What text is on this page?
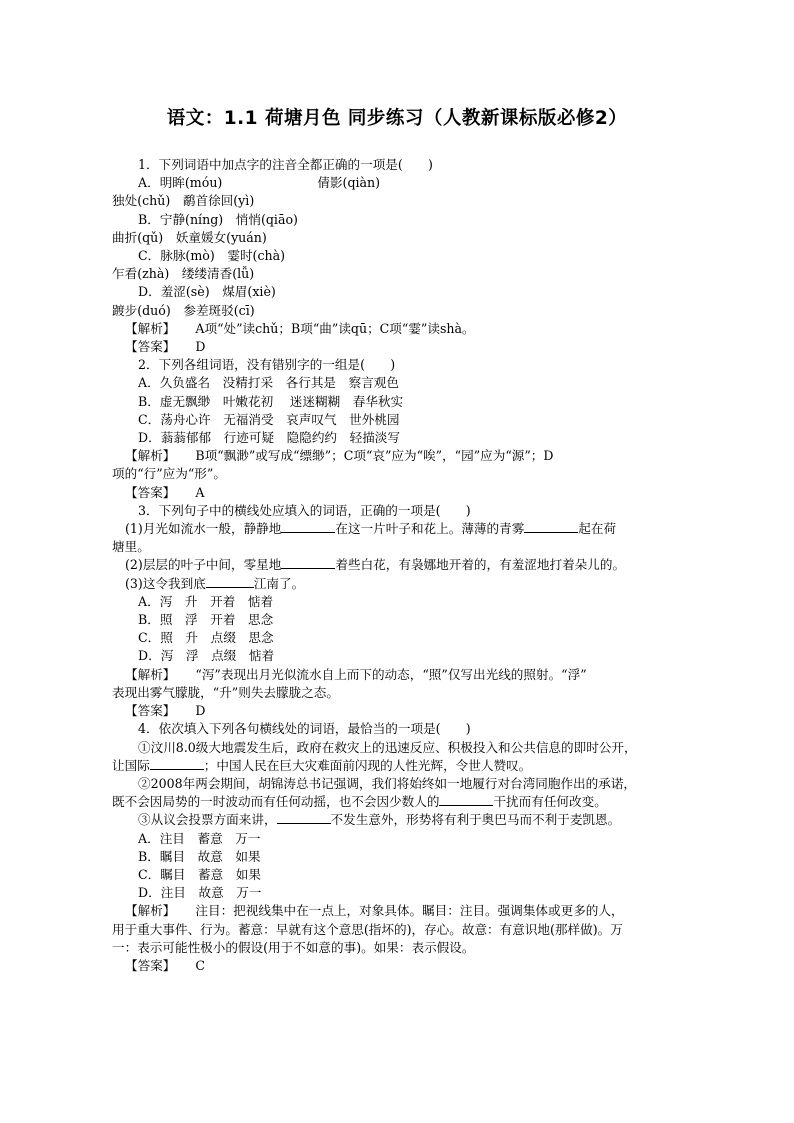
语文：1.1 荷塘月色 同步练习（人教新课标版必修2）

1．下列词语中加点字的注音全都正确的一项是(　　)

A．明眸(móu)	倩影(qiàn)

独处(chǔ)　鹬首徐回(yì)

B．宁静(níng)　悄悄(qiāo)

曲折(qǔ)　妖童媛女(yuán)

C．脉脉(mò)　霎时(chà)

乍看(zhà)　缕缕清香(lǚ)

D．羞涩(sè)　煤眉(xiè)

踱步(duó)　参差斑驳(cī)

【解析】 A项“处”读chǔ；B项“曲”读qū；C项“霎”读shà。

【答案】 D

2．下列各组词语，没有错别字的一组是(　　)

A．久负盛名　没精打采　各行其是　察言观色

B．虚无飘缈　叶嫩花初　 迷迷糊糊　春华秋实

C．荡舟心许　无福消受　哀声叹气　世外桃园

D．蓊蓊郁郁　行迹可疑　隐隐约约　轻描淡写

【解析】 B项“飘渺”或写成“缥缈”；C项“哀”应为“唉”，“园”应为“源”；D

项的“行”应为“形”。

【答案】 A

3．下列句子中的横线处应填入的词语，正确的一项是(　　)

(1)月光如流水一般，静静地	在这一片叶子和花上。薄薄的青雾	起在荷

塘里。

(2)层层的叶子中间，零星地	着些白花，有袅娜地开着的，有羞涩地打着朵儿的。

(3)这令我到底	江南了。

A．泻　升　开着　惦着

B．照　浮　开着　思念

C．照　升　点缀　思念

D．泻　浮　点缀　惦着

【解析】 “泻”表现出月光似流水自上而下的动态，“照”仅写出光线的照射。“浮”

表现出雾气朦胧，“升”则失去朦胧之态。

【答案】 D

4．依次填入下列各句横线处的词语，最恰当的一项是(　　)

①汶川8.0级大地震发生后，政府在救灾上的迅速反应、积极投入和公共信息的即时公开，

让国际	；中国人民在巨大灾难面前闪现的人性光辉，令世人赞叹。

②2008年两会期间，胡锦涛总书记强调，我们将始终如一地履行对台湾同胞作出的承诺，

既不会因局势的一时波动而有任何动摇，也不会因少数人的	干扰而有任何改变。

③从议会投票方面来讲，	不发生意外，形势将有利于奥巴马而不利于麦凯恩。

A．注目　蓄意　万一

B．瞩目　故意　如果

C．瞩目　蓄意　如果

D．注目　故意　万一

【解析】 注目：把视线集中在一点上，对象具体。瞩目：注目。强调集体或更多的人，

用于重大事件、行为。蓄意：早就有这个意思(指坏的)，存心。故意：有意识地(那样做)。万

一：表示可能性极小的假设(用于不如意的事)。如果：表示假设。

【答案】 C
